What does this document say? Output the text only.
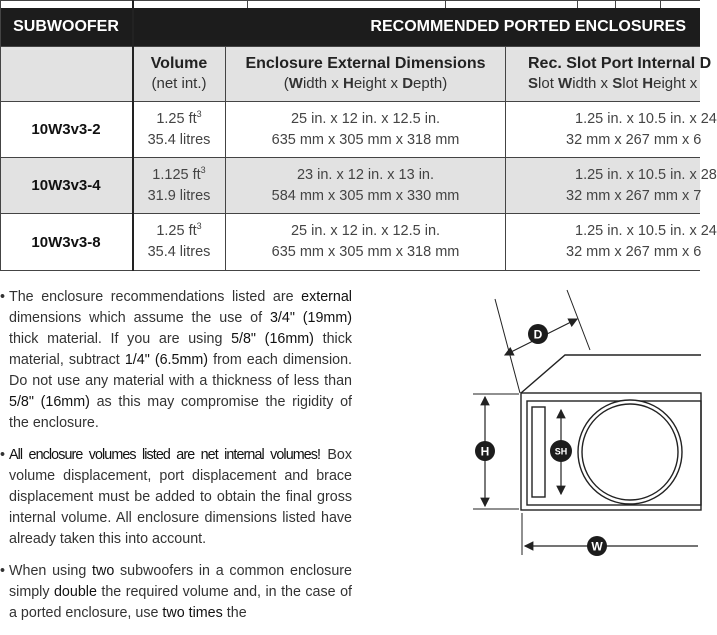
SUBWOOFER	RECOMMENDED PORTED ENCLOSURES
Volume
(net int.)
Enclosure External Dimensions
(Width x Height x Depth)
Rec. Slot Port Internal D
Slot Width x Slot Height x
10W3v3-2
1.25 $ft^3$
35.4 litres
25 in. x 12 in. x 12.5 in.
635 mm x 305 mm x 318 mm
1.25 in. x 10.5 in. x 24
32 mm x 267 mm x 6
10W3v3-4
1.125 $ft^3$
31.9 litres
23 in. x 12 in. x 13 in.
584 mm x 305 mm x 330 mm
1.25 in. x 10.5 in. x 28
32 mm x 267 mm x 7
10W3v3-8
1.25 $ft^3$
35.4 litres
25 in. x 12 in. x 12.5 in.
635 mm x 305 mm x 318 mm
1.25 in. x 10.5 in. x 24
32 mm x 267 mm x 6

• The enclosure recommendations listed are external dimensions which assume the use of 3/4" (19mm) thick material. If you are using 5/8" (16mm) thick material, subtract 1/4" (6.5mm) from each dimension. Do not use any material with a thickness of less than 5/8" (16mm) as this may compromise the rigidity of the enclosure.

• All enclosure volumes listed are net internal volumes! Box volume displacement, port displacement and brace displacement must be added to obtain the final gross internal volume. All enclosure dimensions listed have already taken this into account.

• When using two subwoofers in a common enclosure simply double the required volume and, in the case of a ported enclosure, use two times the

D
H	SH
W
